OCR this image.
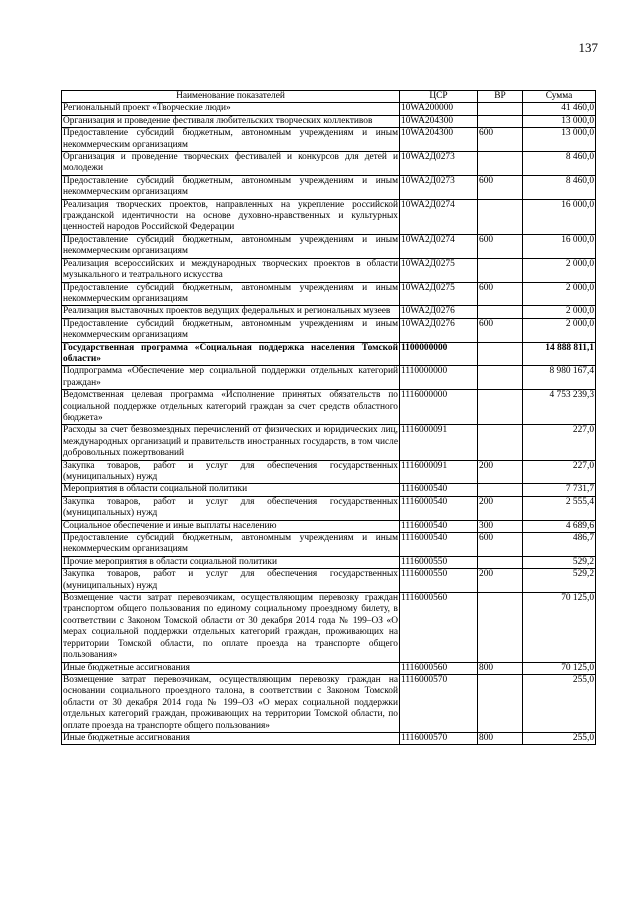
137
Наименование показателей	ЦСР	ВР	Сумма
Региональный проект «Творческие люди»	10WA200000		41 460,0
Организация и проведение фестиваля любительских творческих коллективов	10WA204300		13 000,0
Предоставление субсидий бюджетным, автономным учреждениям и иным некоммерческим организациям	10WA204300	600	13 000,0
Организация и проведение творческих фестивалей и конкурсов для детей и молодежи	10WA2Д0273		8 460,0
Предоставление субсидий бюджетным, автономным учреждениям и иным некоммерческим организациям	10WA2Д0273	600	8 460,0
Реализация творческих проектов, направленных на укрепление российской гражданской идентичности на основе духовно-нравственных и культурных ценностей народов Российской Федерации	10WA2Д0274		16 000,0
Предоставление субсидий бюджетным, автономным учреждениям и иным некоммерческим организациям	10WA2Д0274	600	16 000,0
Реализация всероссийских и международных творческих проектов в области музыкального и театрального искусства	10WA2Д0275		2 000,0
Предоставление субсидий бюджетным, автономным учреждениям и иным некоммерческим организациям	10WA2Д0275	600	2 000,0
Реализация выставочных проектов ведущих федеральных и региональных музеев	10WA2Д0276		2 000,0
Предоставление субсидий бюджетным, автономным учреждениям и иным некоммерческим организациям	10WA2Д0276	600	2 000,0
Государственная программа «Социальная поддержка населения Томской области»	1100000000		14 888 811,1
Подпрограмма «Обеспечение мер социальной поддержки отдельных категорий граждан»	1110000000		8 980 167,4
Ведомственная целевая программа «Исполнение принятых обязательств по социальной поддержке отдельных категорий граждан за счет средств областного бюджета»	1116000000		4 753 239,3
Расходы за счет безвозмездных перечислений от физических и юридических лиц, международных организаций и правительств иностранных государств, в том числе добровольных пожертвований	1116000091		227,0
Закупка товаров, работ и услуг для обеспечения государственных (муниципальных) нужд	1116000091	200	227,0
Мероприятия в области социальной политики	1116000540		7 731,7
Закупка товаров, работ и услуг для обеспечения государственных (муниципальных) нужд	1116000540	200	2 555,4
Социальное обеспечение и иные выплаты населению	1116000540	300	4 689,6
Предоставление субсидий бюджетным, автономным учреждениям и иным некоммерческим организациям	1116000540	600	486,7
Прочие мероприятия в области социальной политики	1116000550		529,2
Закупка товаров, работ и услуг для обеспечения государственных (муниципальных) нужд	1116000550	200	529,2
Возмещение части затрат перевозчикам, осуществляющим перевозку граждан транспортом общего пользования по единому социальному проездному билету, в соответствии с Законом Томской области от 30 декабря 2014 года № 199–ОЗ «О мерах социальной поддержки отдельных категорий граждан, проживающих на территории Томской области, по оплате проезда на транспорте общего пользования»	1116000560		70 125,0
Иные бюджетные ассигнования	1116000560	800	70 125,0
Возмещение затрат перевозчикам, осуществляющим перевозку граждан на основании социального проездного талона, в соответствии с Законом Томской области от 30 декабря 2014 года № 199–ОЗ «О мерах социальной поддержки отдельных категорий граждан, проживающих на территории Томской области, по оплате проезда на транспорте общего пользования»	1116000570		255,0
Иные бюджетные ассигнования	1116000570	800	255,0
